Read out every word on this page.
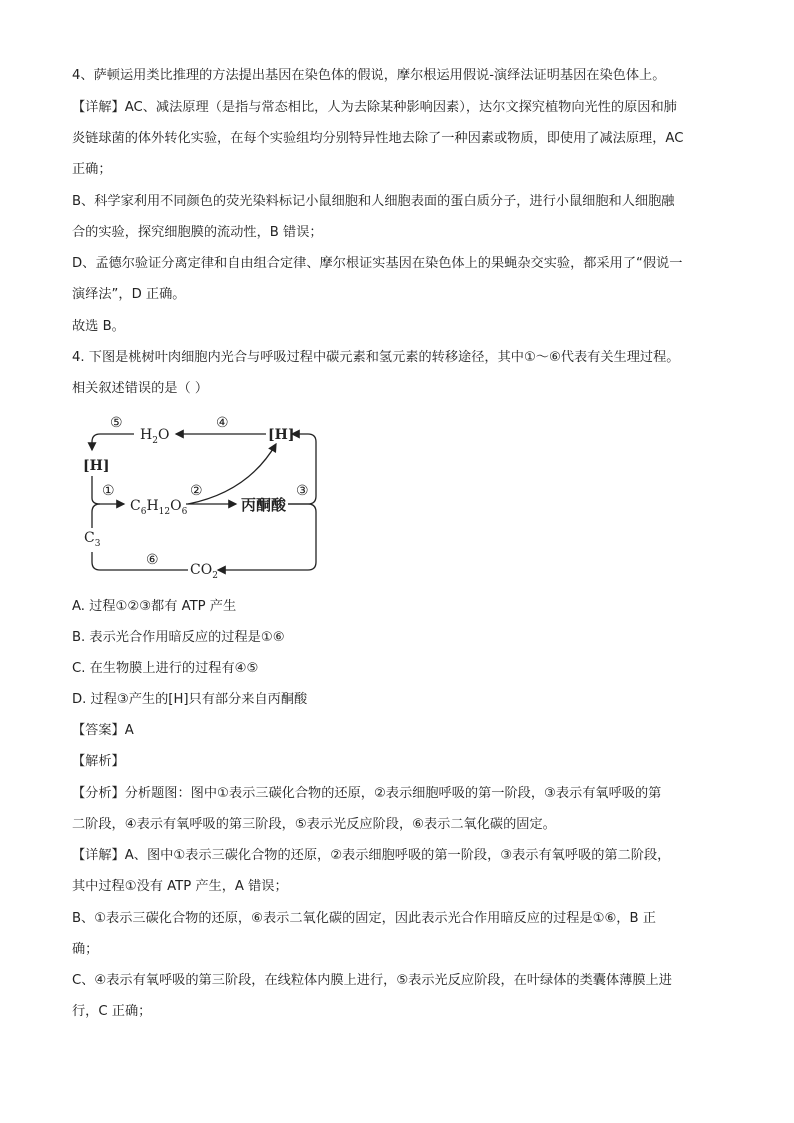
4、萨顿运用类比推理的方法提出基因在染色体的假说，摩尔根运用假说-演绎法证明基因在染色体上。
【详解】AC、减法原理（是指与常态相比，人为去除某种影响因素），达尔文探究植物向光性的原因和肺
炎链球菌的体外转化实验，在每个实验组均分别特异性地去除了一种因素或物质，即使用了减法原理，AC
正确；
B、科学家利用不同颜色的荧光染料标记小鼠细胞和人细胞表面的蛋白质分子，进行小鼠细胞和人细胞融
合的实验，探究细胞膜的流动性，B 错误；
D、孟德尔验证分离定律和自由组合定律、摩尔根证实基因在染色体上的果蝇杂交实验，都采用了“假说一
演绎法”，D 正确。
故选 B。
4. 下图是桃树叶肉细胞内光合与呼吸过程中碳元素和氢元素的转移途径，其中①～⑥代表有关生理过程。
相关叙述错误的是（ ）
$H_2O$	[H]
[H]
$C_6H_{12}O_6$	丙酮酸
$C_3$
$CO_2$
⑤	④
①	②	③
⑥
A. 过程①②③都有 ATP 产生
B. 表示光合作用暗反应的过程是①⑥
C. 在生物膜上进行的过程有④⑤
D. 过程③产生的[H]只有部分来自丙酮酸
【答案】A
【解析】
【分析】分析题图：图中①表示三碳化合物的还原，②表示细胞呼吸的第一阶段，③表示有氧呼吸的第
二阶段，④表示有氧呼吸的第三阶段，⑤表示光反应阶段，⑥表示二氧化碳的固定。
【详解】A、图中①表示三碳化合物的还原，②表示细胞呼吸的第一阶段，③表示有氧呼吸的第二阶段，
其中过程①没有 ATP 产生，A 错误；
B、①表示三碳化合物的还原，⑥表示二氧化碳的固定，因此表示光合作用暗反应的过程是①⑥，B 正
确；
C、④表示有氧呼吸的第三阶段，在线粒体内膜上进行，⑤表示光反应阶段，在叶绿体的类囊体薄膜上进
行，C 正确；
